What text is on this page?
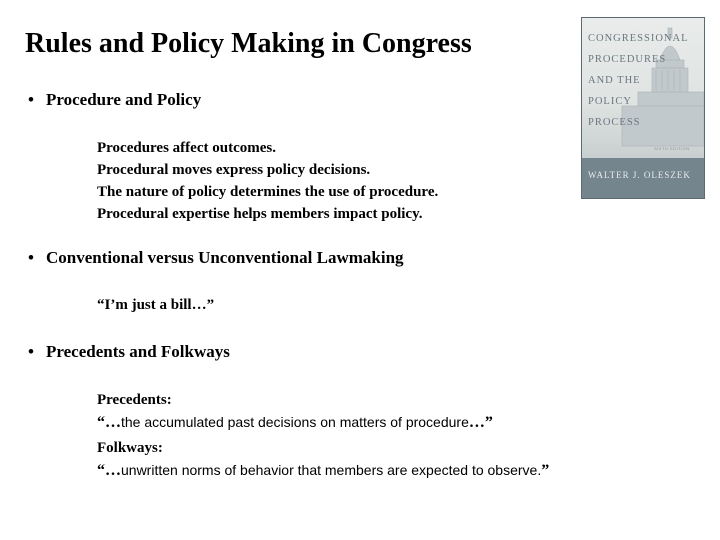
Rules and Policy Making in Congress
• Procedure and Policy
Procedures affect outcomes.
Procedural moves express policy decisions.
The nature of policy determines the use of procedure.
Procedural expertise helps members impact policy.
• Conventional versus Unconventional Lawmaking
“I’m just a bill…”
• Precedents and Folkways
Precedents:
“…the accumulated past decisions on matters of procedure…”
Folkways:
“…unwritten norms of behavior that members are expected to observe.”

CONGRESSIONAL
PROCEDURES
AND THE
POLICY
PROCESS

SIXTH EDITION
WALTER J. OLESZEK
